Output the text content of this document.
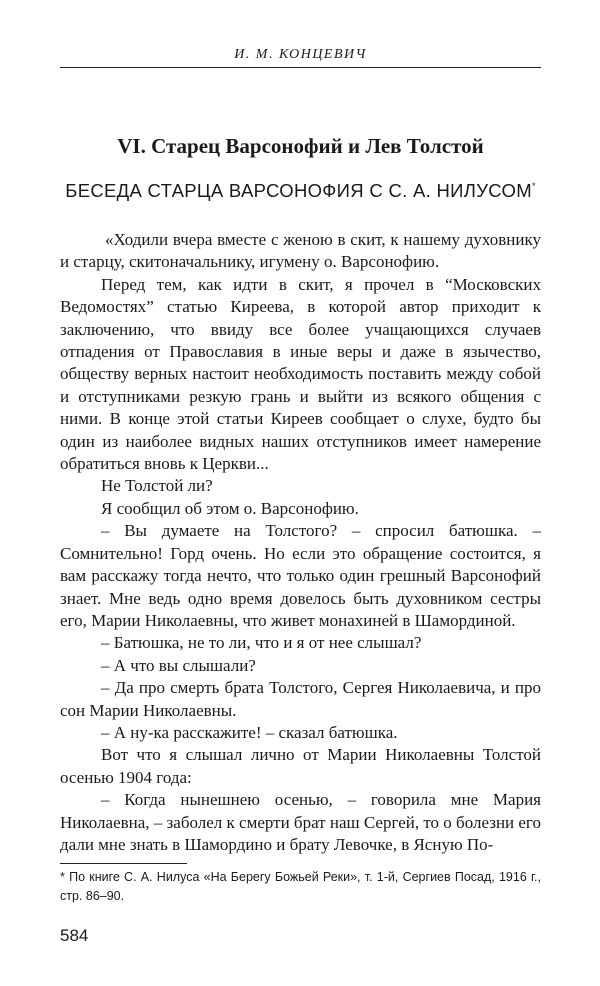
И. М. КОНЦЕВИЧ
VI. Старец Варсонофий и Лев Толстой
БЕСЕДА СТАРЦА ВАРСОНОФИЯ С С. А. НИЛУСОМ*

«Ходили вчера вместе с женою в скит, к нашему духовнику и старцу, скитоначальнику, игумену о. Варсонофию.

Перед тем, как идти в скит, я прочел в “Московских Ведомостях” статью Киреева, в которой автор приходит к заключению, что ввиду все более учащающихся случаев отпадения от Православия в иные веры и даже в язычество, обществу верных настоит необходимость поставить между собой и отступниками резкую грань и выйти из всякого общения с ними. В конце этой статьи Киреев сообщает о слухе, будто бы один из наиболее видных наших отступников имеет намерение обратиться вновь к Церкви...

Не Толстой ли?

Я сообщил об этом о. Варсонофию.

– Вы думаете на Толстого? – спросил батюшка. – Сомнительно! Горд очень. Но если это обращение состоится, я вам расскажу тогда нечто, что только один грешный Варсонофий знает. Мне ведь одно время довелось быть духовником сестры его, Марии Николаевны, что живет монахиней в Шамординой.

– Батюшка, не то ли, что и я от нее слышал?

– А что вы слышали?

– Да про смерть брата Толстого, Сергея Николаевича, и про сон Марии Николаевны.

– А ну-ка расскажите! – сказал батюшка.

Вот что я слышал лично от Марии Николаевны Толстой осенью 1904 года:

– Когда нынешнею осенью, – говорила мне Мария Николаевна, – заболел к смерти брат наш Сергей, то о болезни его дали мне знать в Шамордино и брату Левочке, в Ясную По-

* По книге С. А. Нилуса «На Берегу Божьей Реки», т. 1-й, Сергиев Посад, 1916 г., стр. 86–90.
584
